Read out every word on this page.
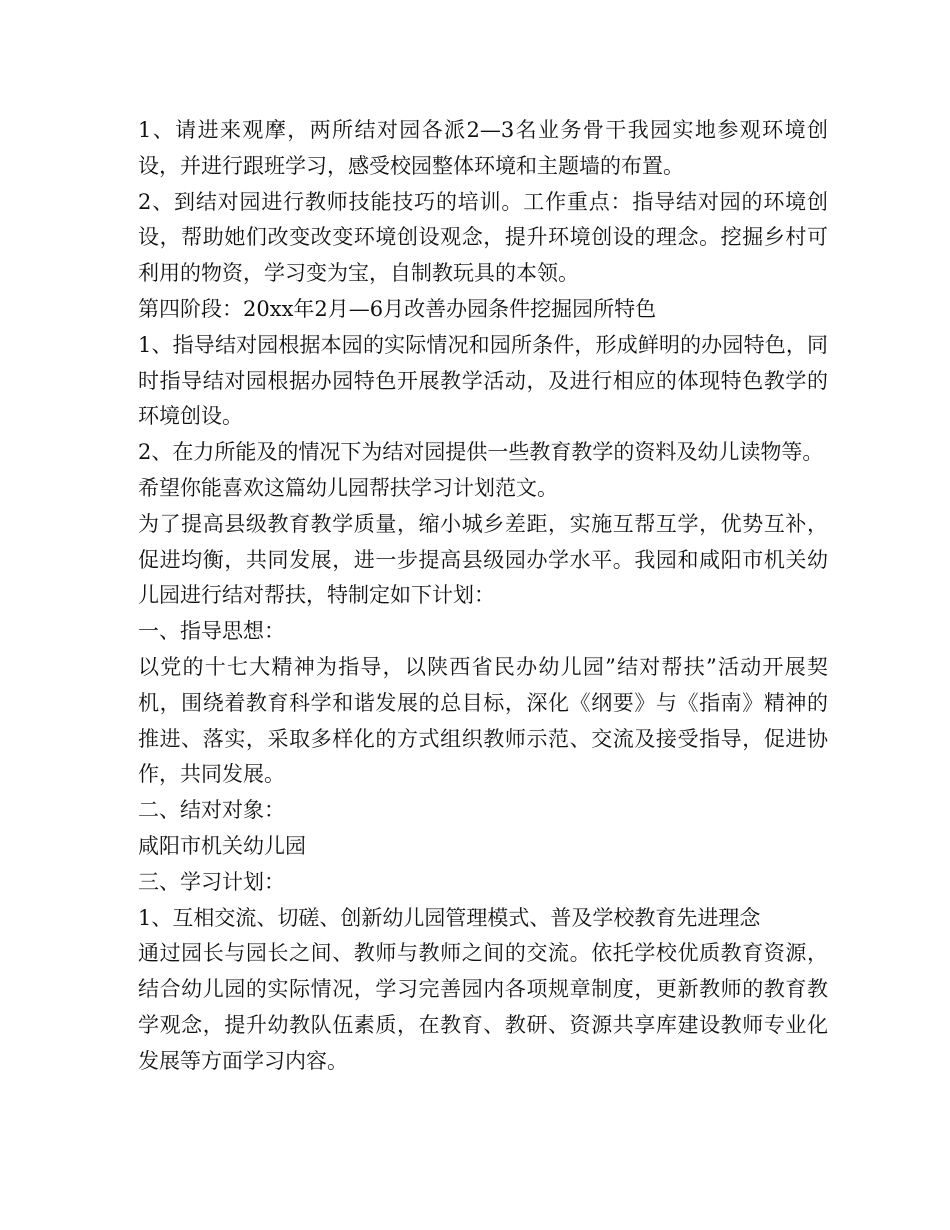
1、请进来观摩，两所结对园各派2—3名业务骨干我园实地参观环境创设，并进行跟班学习，感受校园整体环境和主题墙的布置。

2、到结对园进行教师技能技巧的培训。工作重点：指导结对园的环境创设，帮助她们改变改变环境创设观念，提升环境创设的理念。挖掘乡村可利用的物资，学习变为宝，自制教玩具的本领。

第四阶段：20xx年2月—6月改善办园条件挖掘园所特色

1、指导结对园根据本园的实际情况和园所条件，形成鲜明的办园特色，同时指导结对园根据办园特色开展教学活动，及进行相应的体现特色教学的环境创设。

2、在力所能及的情况下为结对园提供一些教育教学的资料及幼儿读物等。

希望你能喜欢这篇幼儿园帮扶学习计划范文。

为了提高县级教育教学质量，缩小城乡差距，实施互帮互学，优势互补，促进均衡，共同发展，进一步提高县级园办学水平。我园和咸阳市机关幼儿园进行结对帮扶，特制定如下计划：

一、指导思想：

以党的十七大精神为指导，以陕西省民办幼儿园”结对帮扶”活动开展契机，围绕着教育科学和谐发展的总目标，深化《纲要》与《指南》精神的推进、落实，采取多样化的方式组织教师示范、交流及接受指导，促进协作，共同发展。

二、结对对象：

咸阳市机关幼儿园

三、学习计划：

1、互相交流、切磋、创新幼儿园管理模式、普及学校教育先进理念

通过园长与园长之间、教师与教师之间的交流。依托学校优质教育资源，结合幼儿园的实际情况，学习完善园内各项规章制度，更新教师的教育教学观念，提升幼教队伍素质，在教育、教研、资源共享库建设教师专业化发展等方面学习内容。
